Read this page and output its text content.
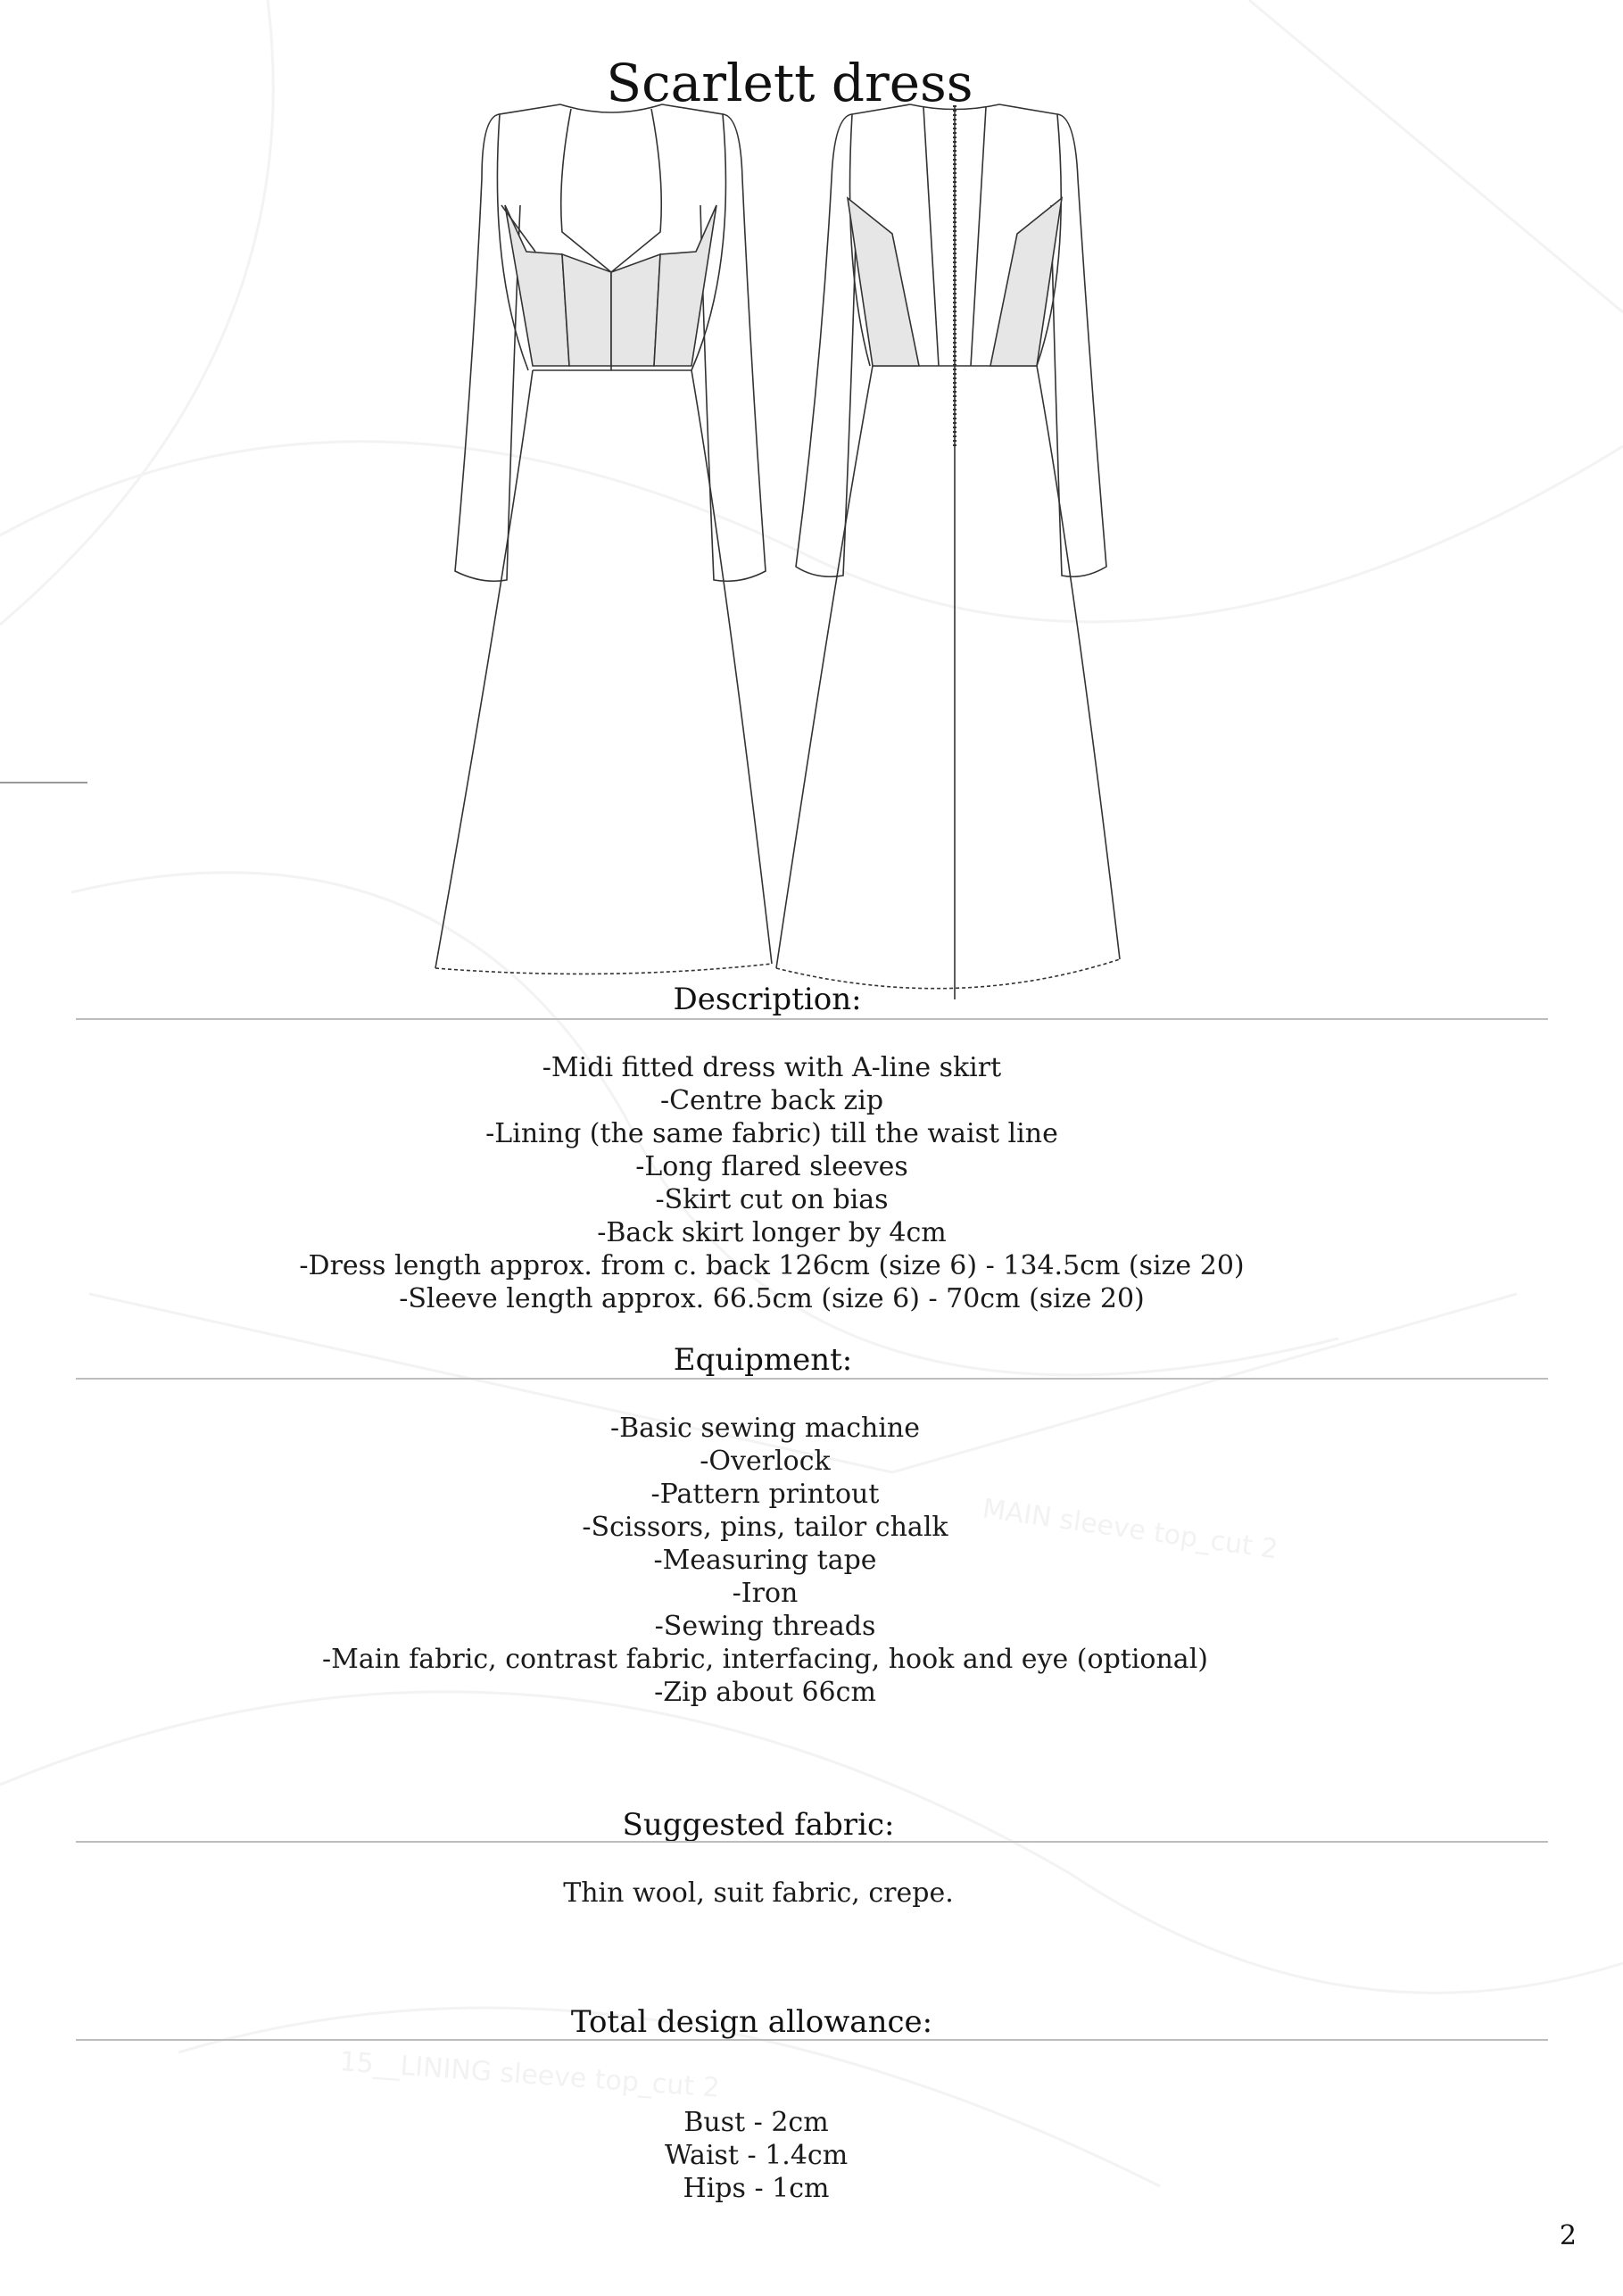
MAIN sleeve top_cut 2
15__LINING sleeve top_cut 2
Scarlett dress
Description:
-Midi fitted dress with A-line skirt
-Centre back zip
-Lining (the same fabric) till the waist line
-Long flared sleeves
-Skirt cut on bias
-Back skirt longer by 4cm
-Dress length approx. from c. back 126cm (size 6) - 134.5cm (size 20)
-Sleeve length approx. 66.5cm (size 6) - 70cm (size 20)
Equipment:
-Basic sewing machine
-Overlock
-Pattern printout
-Scissors, pins, tailor chalk
-Measuring tape
-Iron
-Sewing threads
-Main fabric, contrast fabric, interfacing, hook and eye (optional)
-Zip about 66cm
Suggested fabric:
Thin wool, suit fabric, crepe.
Total design allowance:
Bust - 2cm
Waist - 1.4cm
Hips - 1cm
2
